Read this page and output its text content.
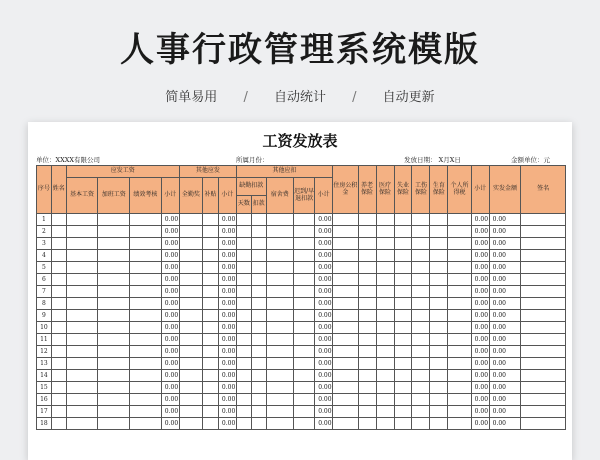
人事行政管理系统模版
简单易用 / 自动统计 / 自动更新
工资发放表
单位：XXXX有限公司	所属月份：	发放日期： X月X日	金额单位：元
序号	姓名	应发工资				其他应发			其他应扣					住房公积金	养老保险	医疗保险	失业保险	工伤保险	生育保险	个人所得税	小计	实发金额	签名
		基本工资	加班工资	绩效考核	小计	全勤奖	补贴	小计	缺勤扣款		宿舍费	迟到/早退扣款	小计										
									天数	扣款													
1					0.00			0.00					0.00								0.00	0.00	
2					0.00			0.00					0.00								0.00	0.00	
3					0.00			0.00					0.00								0.00	0.00	
4					0.00			0.00					0.00								0.00	0.00	
5					0.00			0.00					0.00								0.00	0.00	
6					0.00			0.00					0.00								0.00	0.00	
7					0.00			0.00					0.00								0.00	0.00	
8					0.00			0.00					0.00								0.00	0.00	
9					0.00			0.00					0.00								0.00	0.00	
10					0.00			0.00					0.00								0.00	0.00	
11					0.00			0.00					0.00								0.00	0.00	
12					0.00			0.00					0.00								0.00	0.00	
13					0.00			0.00					0.00								0.00	0.00	
14					0.00			0.00					0.00								0.00	0.00	
15					0.00			0.00					0.00								0.00	0.00	
16					0.00			0.00					0.00								0.00	0.00	
17					0.00			0.00					0.00								0.00	0.00	
18					0.00			0.00					0.00								0.00	0.00	
